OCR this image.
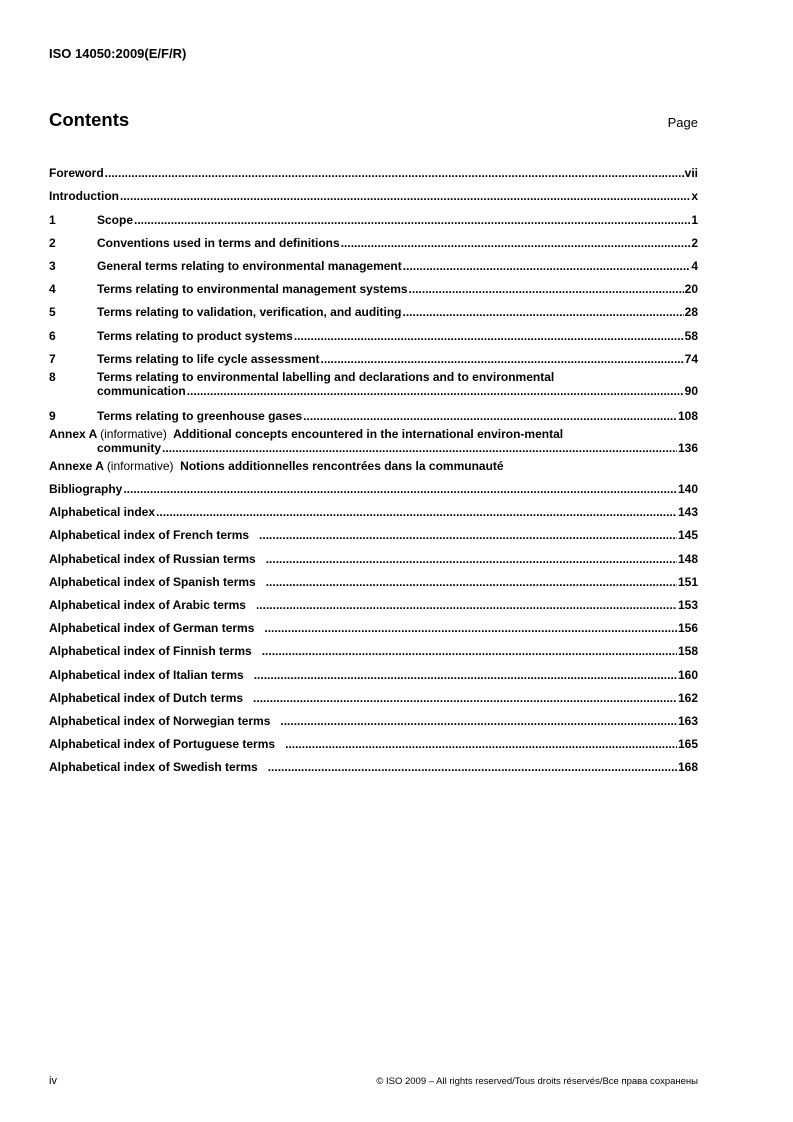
ISO 14050:2009(E/F/R)
Contents	Page
Foreword .....	vii
Introduction .....	x
1	Scope .....	1
2	Conventions used in terms and definitions .....	2
3	General terms relating to environmental management .....	4
4	Terms relating to environmental management systems .....	20
5	Terms relating to validation, verification, and auditing .....	28
6	Terms relating to product systems .....	58
7	Terms relating to life cycle assessment .....	74
8	Terms relating to environmental labelling and declarations and to environmental
communication .....	90
9	Terms relating to greenhouse gases .....	108
Annex A (informative) Additional concepts encountered in the international environ-mental
community .....	136
Annexe A (informative) Notions additionnelles rencontrées dans la communauté
Bibliography .....	140
Alphabetical index .....	143
Alphabetical index of French terms .....	145
Alphabetical index of Russian terms .....	148
Alphabetical index of Spanish terms .....	151
Alphabetical index of Arabic terms .....	153
Alphabetical index of German terms .....	156
Alphabetical index of Finnish terms .....	158
Alphabetical index of Italian terms .....	160
Alphabetical index of Dutch terms .....	162
Alphabetical index of Norwegian terms .....	163
Alphabetical index of Portuguese terms .....	165
Alphabetical index of Swedish terms .....	168
iv	© ISO 2009 – All rights reserved/Tous droits réservés/Все права сохранены
